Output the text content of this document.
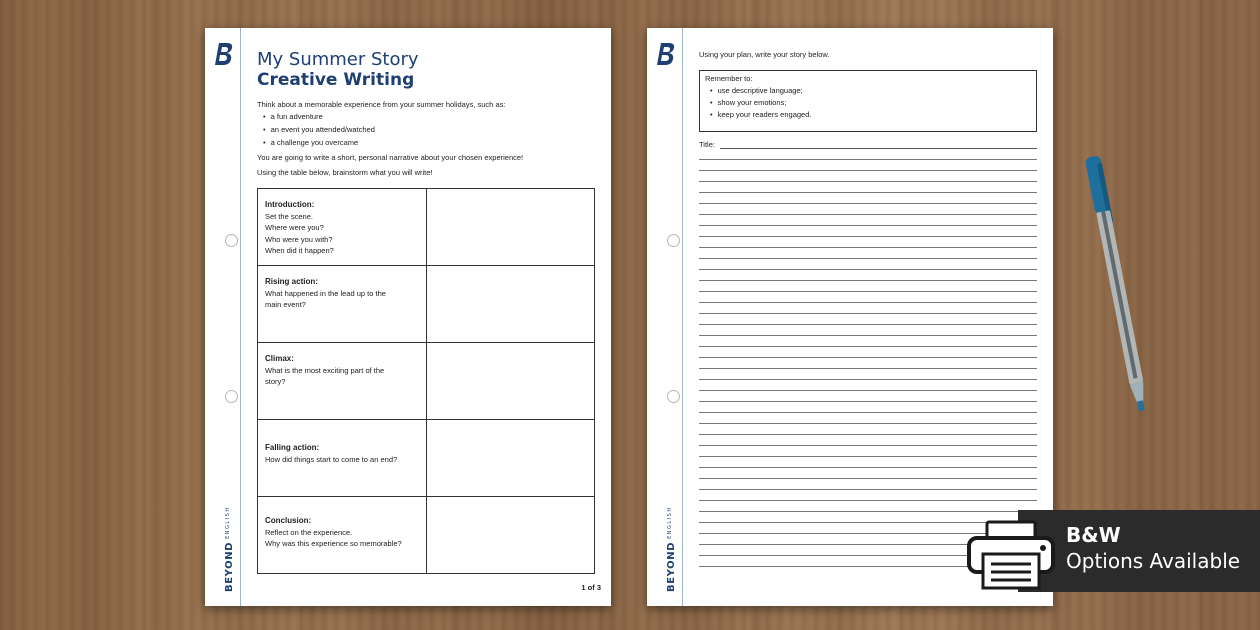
BEYONDENGLISH
My Summer Story
Creative Writing
Think about a memorable experience from your summer holidays, such as:
• a fun adventure
• an event you attended/watched
• a challenge you overcame
You are going to write a short, personal narrative about your chosen experience!
Using the table below, brainstorm what you will write!
Introduction:
Set the scene.
Where were you?
Who were you with?
When did it happen?	

Rising action:
What happened in the lead up to the
main event?	

Climax:
What is the most exciting part of the
story?	

Falling action:
How did things start to come to an end?	

Conclusion:
Reflect on the experience.
Why was this experience so memorable?	

1 of 3	BEYONDENGLISH
Using your plan, write your story below.
Remember to:
• use descriptive language;
• show your emotions;
• keep your readers engaged.
Title:
B&W
Options Available
